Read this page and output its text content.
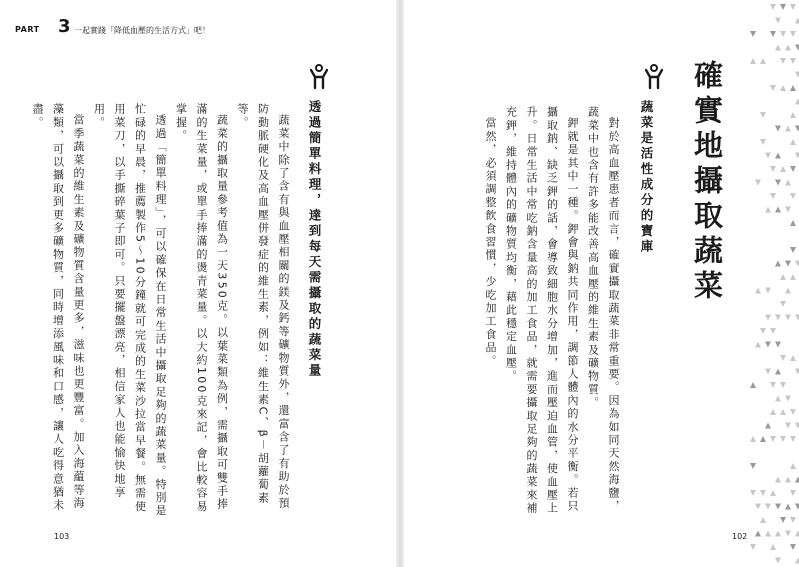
PART 3 一起實踐「降低血壓的生活方式」吧！
透過簡單料理，達到每天需攝取的蔬菜量

蔬菜中除了含有與血壓相關的鎂及鈣等礦物質外，還富含了有助於預防動脈硬化及高血壓併發症的維生素，例如：維生素C、β－胡蘿蔔素等。

蔬菜的攝取量參考值為一天350克。以葉菜類為例，需攝取可雙手捧滿的生菜量，或單手捧滿的燙青菜量。以大約100克來記，會比較容易掌握。

透過「簡單料理」，可以確保在日常生活中攝取足夠的蔬菜量。特別是忙碌的早晨，推薦製作5～10分鐘就可完成的生菜沙拉當早餐。無需使用菜刀，以手撕碎葉子即可。只要擺盤漂亮，相信家人也能愉快地享用。

當季蔬菜的維生素及礦物質含量更多，滋味也更豐富。加入海藴等海藻類，可以攝取到更多礦物質，同時增添風味和口感，讓人吃得意猶未盡。

103
確實地攝取蔬菜
蔬菜是活性成分的寶庫

對於高血壓患者而言，確實攝取蔬菜非常重要。因為如同天然海鹽，蔬菜中也含有許多能改善高血壓的維生素及礦物質。

鉀就是其中一種。鉀會與鈉共同作用，調節人體內的水分平衡。若只攝取鈉、缺乏鉀的話，會導致細胞水分增加，進而壓迫血管，使血壓上升。日常生活中常吃鈉含量高的加工食品，就需要攝取足夠的蔬菜來補充鉀，維持體內的礦物質均衡，藉此穩定血壓。

當然，必須調整飲食習慣，少吃加工食品。

102
